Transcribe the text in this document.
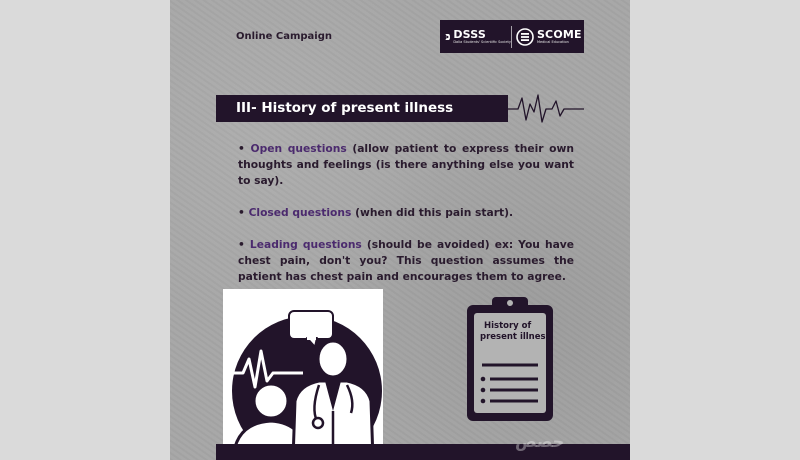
Online Campaign	DSSS
Dalia Students' Scientific Society
SCOME
Medical Education
III- History of present illness

• Open questions (allow patient to express their own thoughts and feelings (is there anything else you want to say).

• Closed questions (when did this pain start).

• Leading questions (should be avoided) ex: You have chest pain, don't you? This question assumes the patient has chest pain and encourages them to agree.

History of
present illness
حصص
